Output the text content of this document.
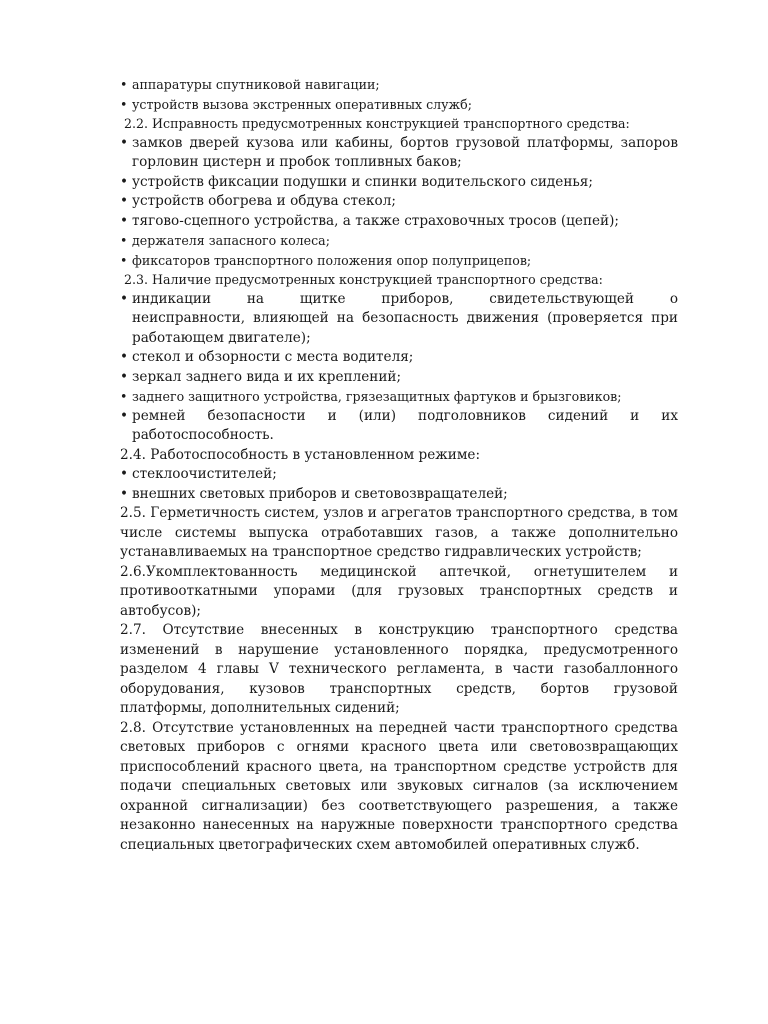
• аппаратуры спутниковой навигации;
• устройств вызова экстренных оперативных служб;
2.2. Исправность предусмотренных конструкцией транспортного средства:
• замков дверей кузова или кабины, бортов грузовой платформы, запоров
горловин цистерн и пробок топливных баков;
• устройств фиксации подушки и спинки водительского сиденья;
• устройств обогрева и обдува стекол;
• тягово-сцепного устройства, а также страховочных тросов (цепей);
• держателя запасного колеса;
• фиксаторов транспортного положения опор полуприцепов;
2.3. Наличие предусмотренных конструкцией транспортного средства:
• индикации на щитке приборов, свидетельствующей о
неисправности, влияющей на безопасность движения (проверяется при
работающем двигателе);
• стекол и обзорности с места водителя;
• зеркал заднего вида и их креплений;
• заднего защитного устройства, грязезащитных фартуков и брызговиков;
• ремней безопасности и (или) подголовников сидений и их
работоспособность.
2.4. Работоспособность в установленном режиме:
• стеклоочистителей;
• внешних световых приборов и световозвращателей;
2.5. Герметичность систем, узлов и агрегатов транспортного средства, в том
числе системы выпуска отработавших газов, а также дополнительно
устанавливаемых на транспортное средство гидравлических устройств;
2.6.Укомплектованность медицинской аптечкой, огнетушителем и
противооткатными упорами (для грузовых транспортных средств и
автобусов);
2.7. Отсутствие внесенных в конструкцию транспортного средства
изменений в нарушение установленного порядка, предусмотренного
разделом 4 главы V технического регламента, в части газобаллонного
оборудования, кузовов транспортных средств, бортов грузовой
платформы, дополнительных сидений;
2.8. Отсутствие установленных на передней части транспортного средства
световых приборов с огнями красного цвета или световозвращающих
приспособлений красного цвета, на транспортном средстве устройств для
подачи специальных световых или звуковых сигналов (за исключением
охранной сигнализации) без соответствующего разрешения, а также
незаконно нанесенных на наружные поверхности транспортного средства
специальных цветографических схем автомобилей оперативных служб.
